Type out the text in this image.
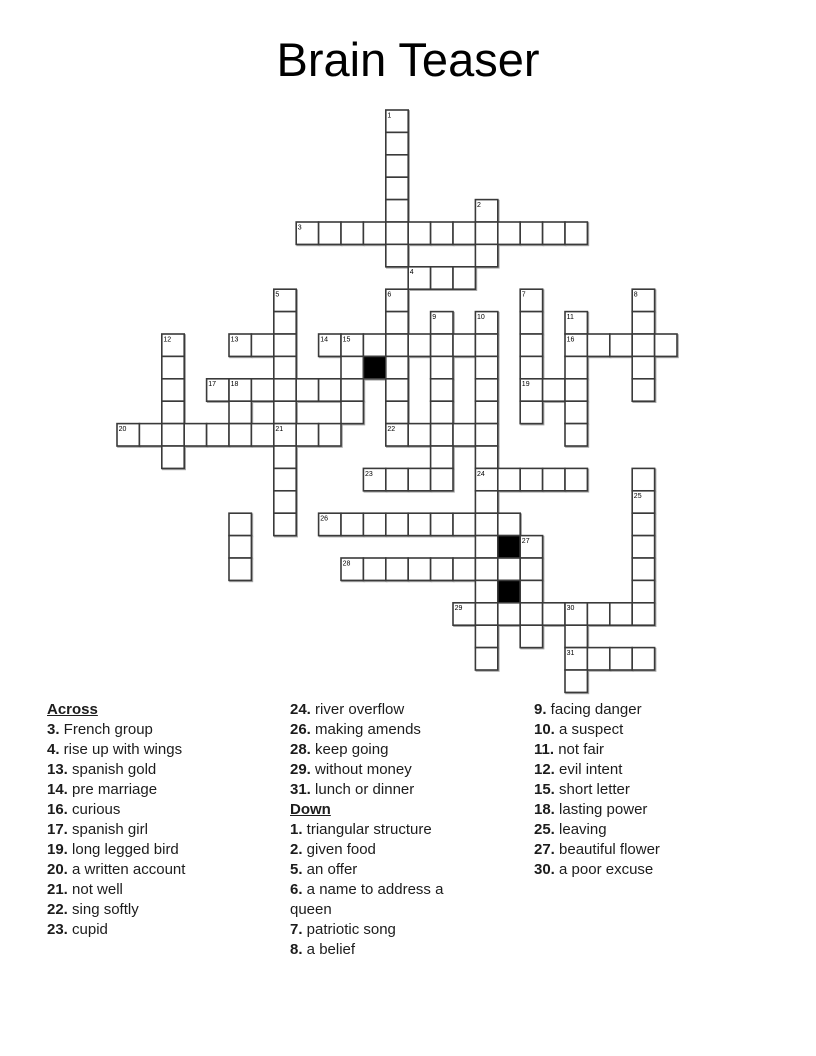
Brain Teaser
1
2
3
4
5	6	7	8
9	10	11
12	13	14 15	16
17 18	19
20	21	22
23	24
25
26
27
28
29	30
31
Across
3. French group
4. rise up with wings
13. spanish gold
14. pre marriage
16. curious
17. spanish girl
19. long legged bird
20. a written account
21. not well
22. sing softly
23. cupid
24. river overflow
26. making amends
28. keep going
29. without money
31. lunch or dinner
Down
1. triangular structure
2. given food
5. an offer
6. a name to address a queen
7. patriotic song
8. a belief
9. facing danger
10. a suspect
11. not fair
12. evil intent
15. short letter
18. lasting power
25. leaving
27. beautiful flower
30. a poor excuse
